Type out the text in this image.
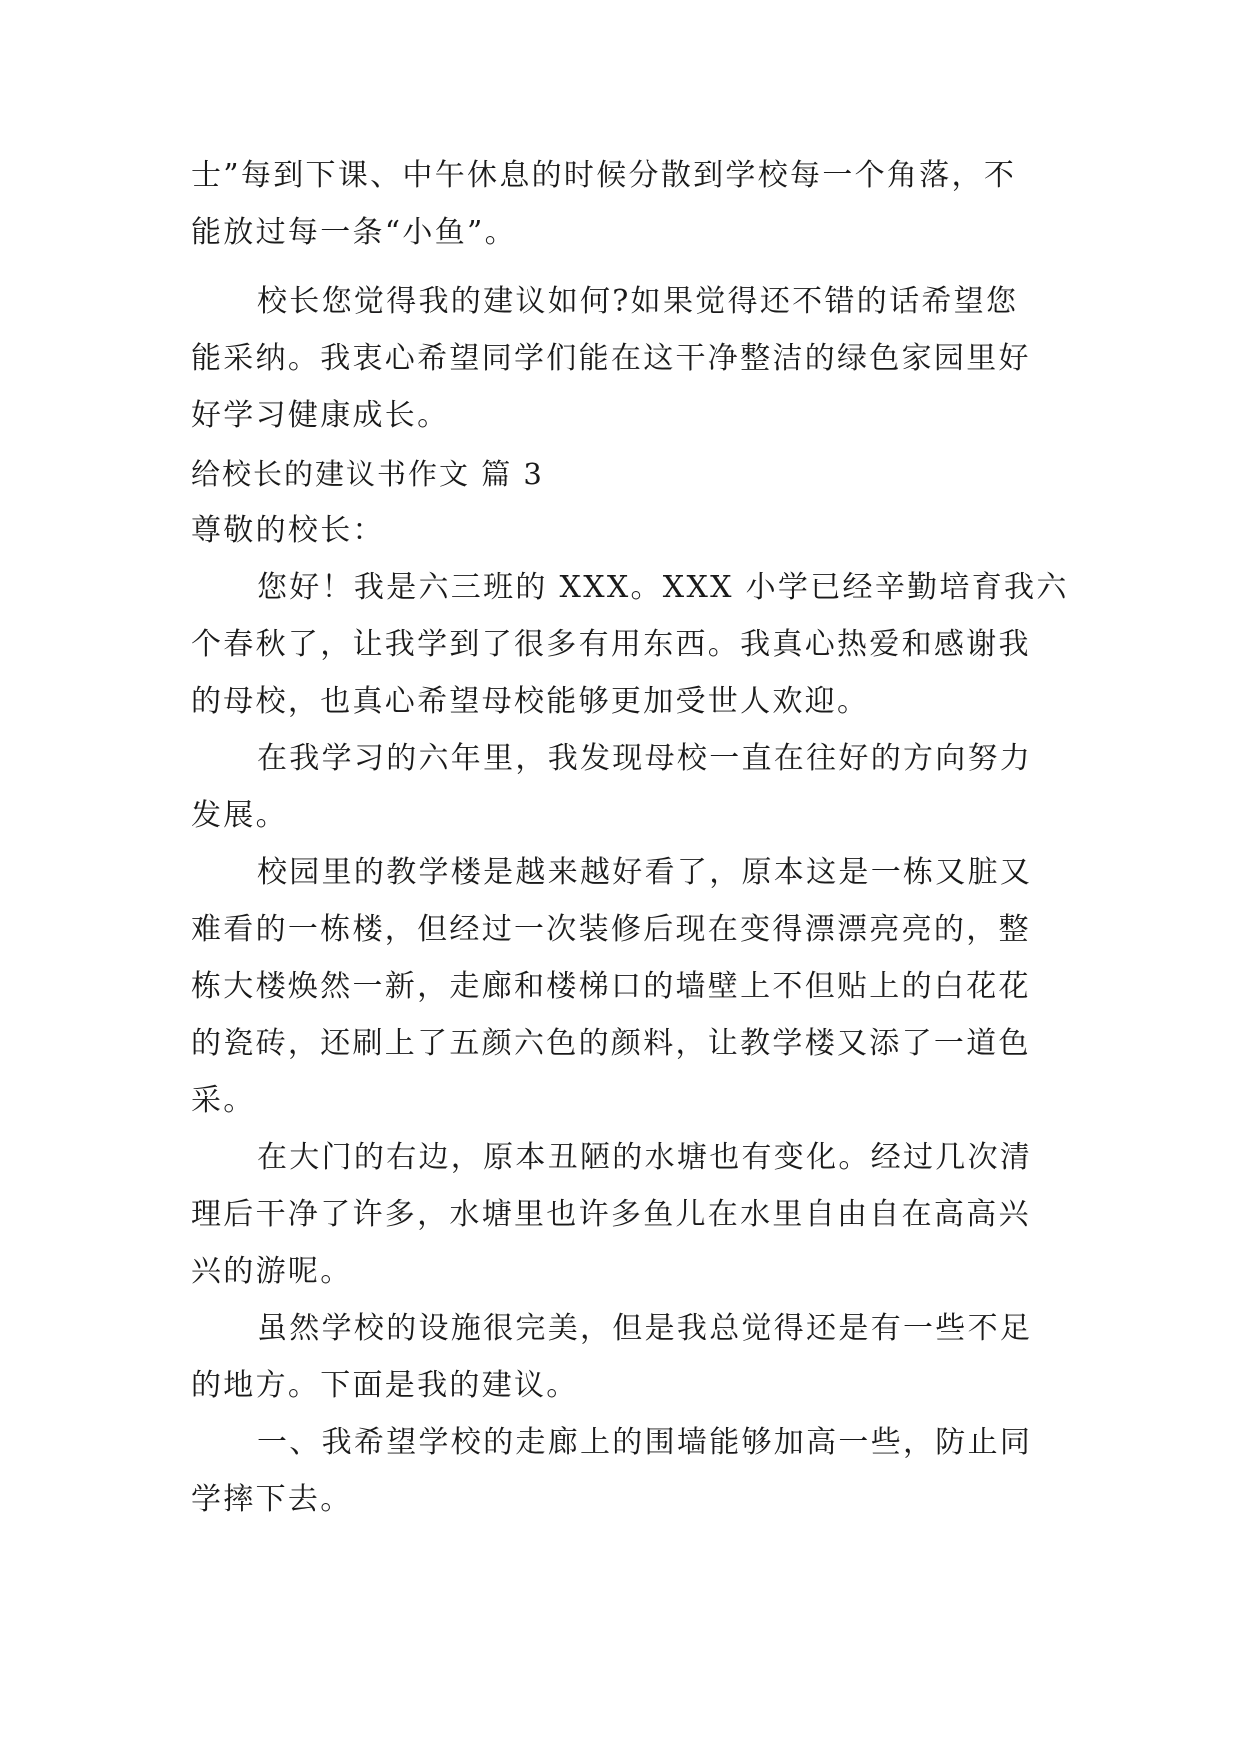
士”每到下课、中午休息的时候分散到学校每一个角落，不
能放过每一条“小鱼”。
校长您觉得我的建议如何?如果觉得还不错的话希望您
能采纳。我衷心希望同学们能在这干净整洁的绿色家园里好
好学习健康成长。
给校长的建议书作文 篇 3
尊敬的校长：
您好！我是六三班的 XXX。XXX 小学已经辛勤培育我六
个春秋了，让我学到了很多有用东西。我真心热爱和感谢我
的母校，也真心希望母校能够更加受世人欢迎。
在我学习的六年里，我发现母校一直在往好的方向努力
发展。
校园里的教学楼是越来越好看了，原本这是一栋又脏又
难看的一栋楼，但经过一次装修后现在变得漂漂亮亮的，整
栋大楼焕然一新，走廊和楼梯口的墙壁上不但贴上的白花花
的瓷砖，还刷上了五颜六色的颜料，让教学楼又添了一道色
采。
在大门的右边，原本丑陋的水塘也有变化。经过几次清
理后干净了许多，水塘里也许多鱼儿在水里自由自在高高兴
兴的游呢。
虽然学校的设施很完美，但是我总觉得还是有一些不足
的地方。下面是我的建议。
一、我希望学校的走廊上的围墙能够加高一些，防止同
学摔下去。
